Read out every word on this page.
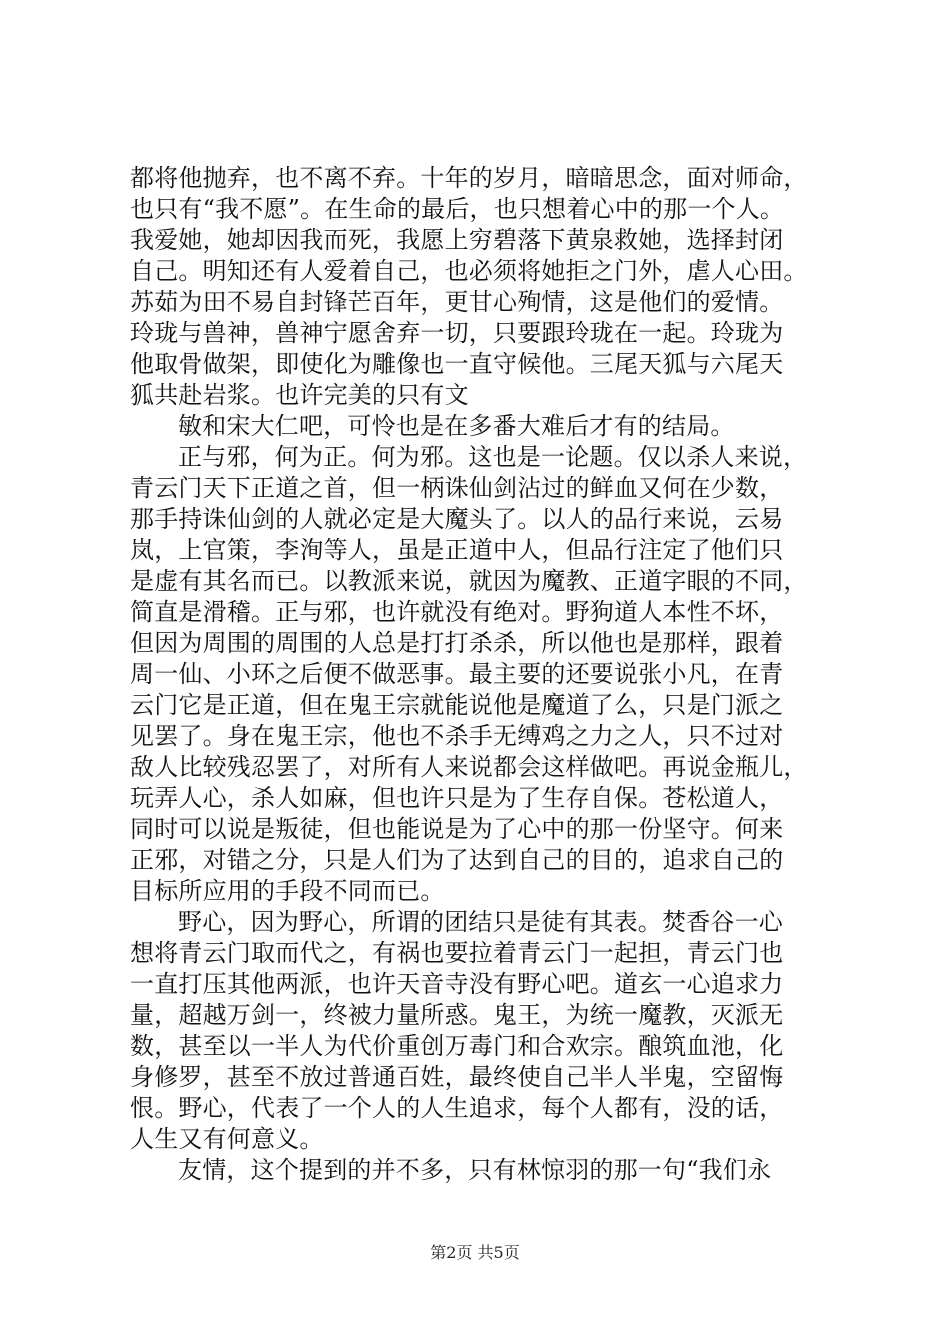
都将他抛弃，也不离不弃。十年的岁月，暗暗思念，面对师命，
也只有“我不愿”。在生命的最后，也只想着心中的那一个人。
我爱她，她却因我而死，我愿上穷碧落下黄泉救她，选择封闭
自己。明知还有人爱着自己，也必须将她拒之门外，虐人心田。
苏茹为田不易自封锋芒百年，更甘心殉情，这是他们的爱情。
玲珑与兽神，兽神宁愿舍弃一切，只要跟玲珑在一起。玲珑为
他取骨做架，即使化为雕像也一直守候他。三尾天狐与六尾天
狐共赴岩浆。也许完美的只有文
敏和宋大仁吧，可怜也是在多番大难后才有的结局。
正与邪，何为正。何为邪。这也是一论题。仅以杀人来说，
青云门天下正道之首，但一柄诛仙剑沾过的鲜血又何在少数，
那手持诛仙剑的人就必定是大魔头了。以人的品行来说，云易
岚，上官策，李洵等人，虽是正道中人，但品行注定了他们只
是虚有其名而已。以教派来说，就因为魔教、正道字眼的不同，
简直是滑稽。正与邪，也许就没有绝对。野狗道人本性不坏，
但因为周围的周围的人总是打打杀杀，所以他也是那样，跟着
周一仙、小环之后便不做恶事。最主要的还要说张小凡，在青
云门它是正道，但在鬼王宗就能说他是魔道了么，只是门派之
见罢了。身在鬼王宗，他也不杀手无缚鸡之力之人，只不过对
敌人比较残忍罢了，对所有人来说都会这样做吧。再说金瓶儿，
玩弄人心，杀人如麻，但也许只是为了生存自保。苍松道人，
同时可以说是叛徒，但也能说是为了心中的那一份坚守。何来
正邪，对错之分，只是人们为了达到自己的目的，追求自己的
目标所应用的手段不同而已。
野心，因为野心，所谓的团结只是徒有其表。焚香谷一心
想将青云门取而代之，有祸也要拉着青云门一起担，青云门也
一直打压其他两派，也许天音寺没有野心吧。道玄一心追求力
量，超越万剑一，终被力量所惑。鬼王，为统一魔教，灭派无
数，甚至以一半人为代价重创万毒门和合欢宗。酿筑血池，化
身修罗，甚至不放过普通百姓，最终使自己半人半鬼，空留悔
恨。野心，代表了一个人的人生追求，每个人都有，没的话，
人生又有何意义。
友情，这个提到的并不多，只有林惊羽的那一句“我们永
第2页 共5页
